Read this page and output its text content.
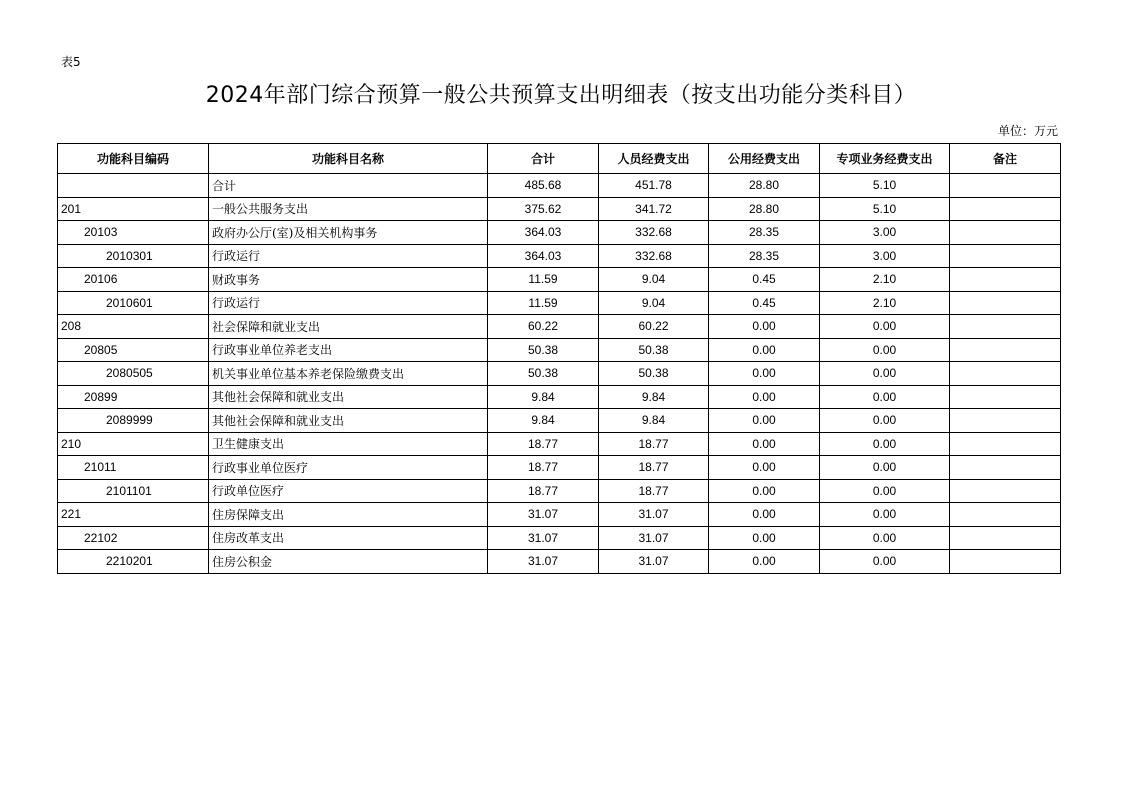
表5
2024年部门综合预算一般公共预算支出明细表（按支出功能分类科目）
单位：万元
功能科目编码	功能科目名称	合计	人员经费支出	公用经费支出	专项业务经费支出	备注
	合计	485.68	451.78	28.80	5.10	
201	一般公共服务支出	375.62	341.72	28.80	5.10	
20103	政府办公厅(室)及相关机构事务	364.03	332.68	28.35	3.00	
2010301	行政运行	364.03	332.68	28.35	3.00	
20106	财政事务	11.59	9.04	0.45	2.10	
2010601	行政运行	11.59	9.04	0.45	2.10	
208	社会保障和就业支出	60.22	60.22	0.00	0.00	
20805	行政事业单位养老支出	50.38	50.38	0.00	0.00	
2080505	机关事业单位基本养老保险缴费支出	50.38	50.38	0.00	0.00	
20899	其他社会保障和就业支出	9.84	9.84	0.00	0.00	
2089999	其他社会保障和就业支出	9.84	9.84	0.00	0.00	
210	卫生健康支出	18.77	18.77	0.00	0.00	
21011	行政事业单位医疗	18.77	18.77	0.00	0.00	
2101101	行政单位医疗	18.77	18.77	0.00	0.00	
221	住房保障支出	31.07	31.07	0.00	0.00	
22102	住房改革支出	31.07	31.07	0.00	0.00	
2210201	住房公积金	31.07	31.07	0.00	0.00	
